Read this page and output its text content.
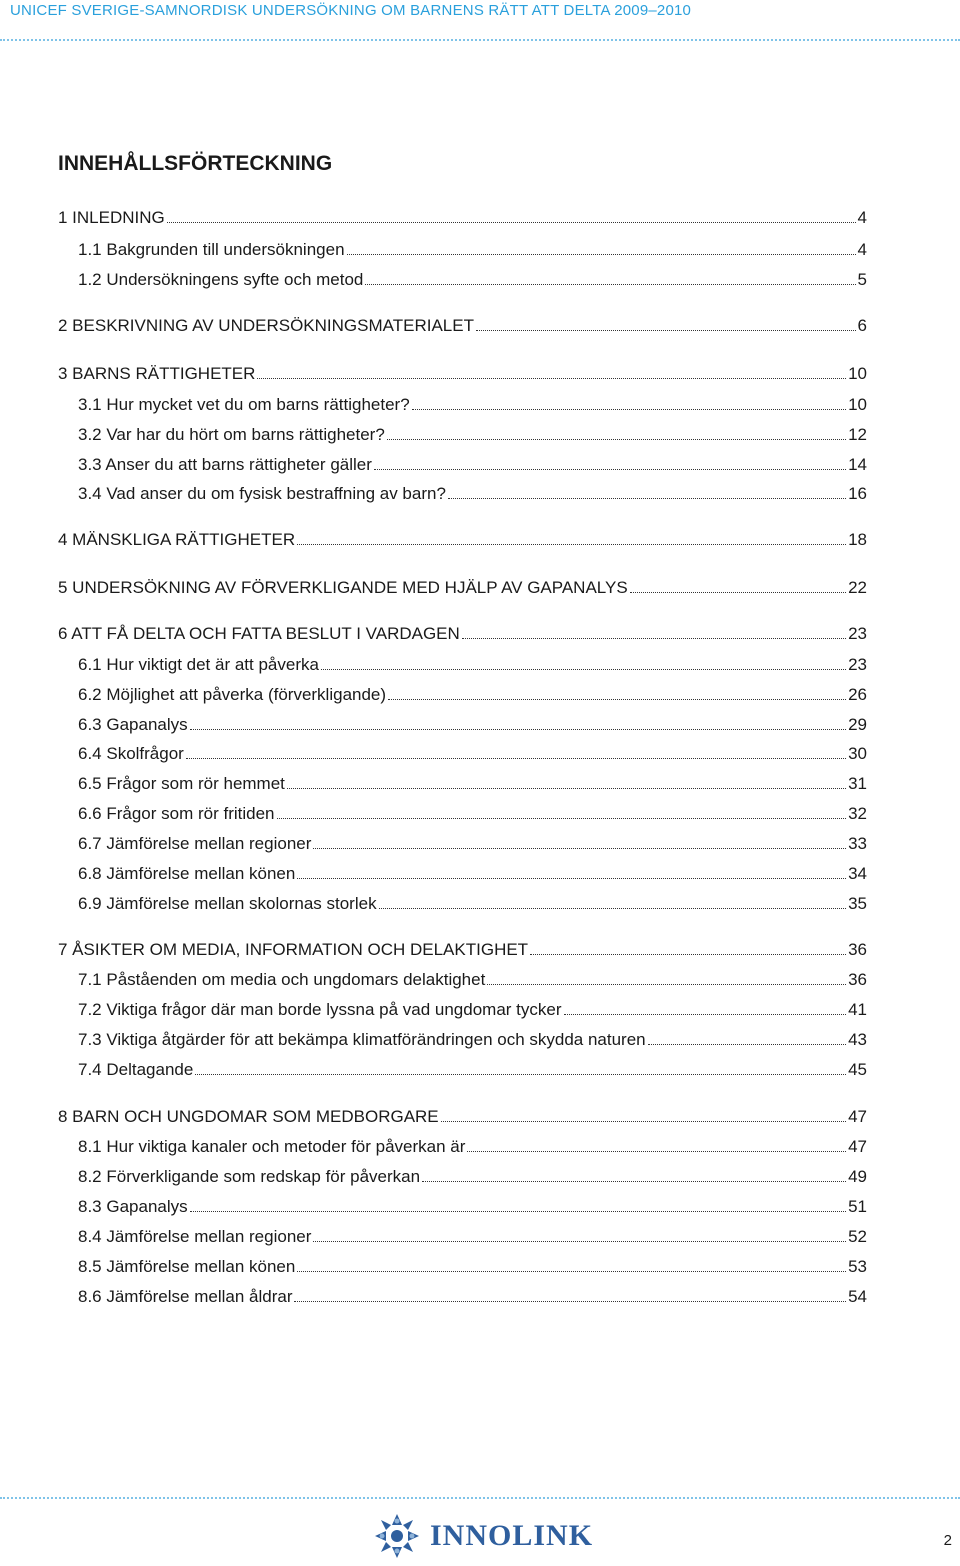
UNICEF SVERIGE-SAMNORDISK UNDERSÖKNING OM BARNENS RÄTT ATT DELTA 2009–2010
INNEHÅLLSFÖRTECKNING
1 INLEDNING	4
1.1 Bakgrunden till undersökningen	4
1.2 Undersökningens syfte och metod	5
2 BESKRIVNING AV UNDERSÖKNINGSMATERIALET	6
3 BARNS RÄTTIGHETER	10
3.1 Hur mycket vet du om barns rättigheter?	10
3.2 Var har du hört om barns rättigheter?	12
3.3 Anser du att barns rättigheter gäller	14
3.4 Vad anser du om fysisk bestraffning av barn?	16
4 MÄNSKLIGA RÄTTIGHETER	18
5 UNDERSÖKNING AV FÖRVERKLIGANDE MED HJÄLP AV GAPANALYS	22
6 ATT FÅ DELTA OCH FATTA BESLUT I VARDAGEN	23
6.1 Hur viktigt det är att påverka	23
6.2 Möjlighet att påverka (förverkligande)	26
6.3 Gapanalys	29
6.4 Skolfrågor	30
6.5 Frågor som rör hemmet	31
6.6 Frågor som rör fritiden	32
6.7 Jämförelse mellan regioner	33
6.8 Jämförelse mellan könen	34
6.9 Jämförelse mellan skolornas storlek	35
7 ÅSIKTER OM MEDIA, INFORMATION OCH DELAKTIGHET	36
7.1 Påståenden om media och ungdomars delaktighet	36
7.2 Viktiga frågor där man borde lyssna på vad ungdomar tycker	41
7.3 Viktiga åtgärder för att bekämpa klimatförändringen och skydda naturen	43
7.4 Deltagande	45
8 BARN OCH UNGDOMAR SOM MEDBORGARE	47
8.1 Hur viktiga kanaler och metoder för påverkan är	47
8.2 Förverkligande som redskap för påverkan	49
8.3 Gapanalys	51
8.4 Jämförelse mellan regioner	52
8.5 Jämförelse mellan könen	53
8.6 Jämförelse mellan åldrar	54
INNOLINK	2
